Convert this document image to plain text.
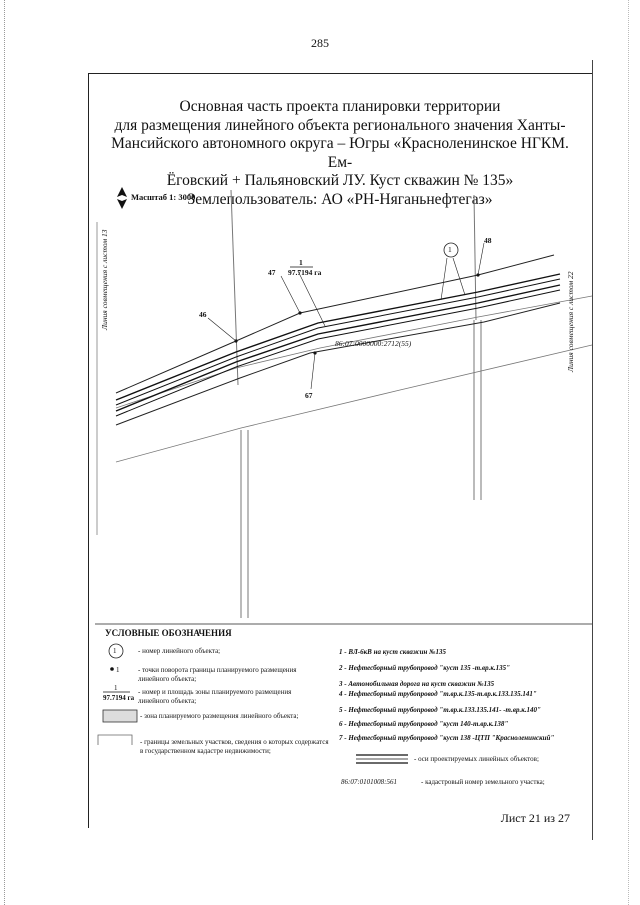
285
Основная часть проекта планировки территории
для размещения линейного объекта регионального значения Ханты-
Мансийского автономного округа – Югры «Красноленинское НГКМ. Ем-
Ёговский + Пальяновский ЛУ. Куст скважин № 135»
Землепользователь: АО «РН-Няганьнефтегаз»
Масштаб 1: 3000
Линия совмещения с листом 13	Линия совмещения с листом 22
46
47
48
67
1
1
97.7194 га
86:07:0000000:2712(55)
УСЛОВНЫЕ ОБОЗНАЧЕНИЯ
1	- номер линейного объекта;
1	- точки поворота границы планируемого размещения линейного объекта;
1
97.7194 га
- номер и площадь зоны планируемого размещения линейного объекта;
- зона планируемого размещения линейного объекта;
- границы земельных участков, сведения о которых содержатся в государственном кадастре недвижимости;
1 - ВЛ-6кВ на куст скважин №135
2 - Нефтесборный трубопровод "куст 135 -т.вр.к.135"
3 - Автомобильная дорога на куст скважин №135
4 - Нефтесборный трубопровод "т.вр.к.135-т.вр.к.133.135.141"
5 - Нефтесборный трубопровод "т.вр.к.133.135.141- -т.вр.к.140"
6 - Нефтесборный трубопровод "куст 140-т.вр.к.138"
7 - Нефтесборный трубопровод "куст 138 -ЦТП "Красноленинский"
- оси проектируемых линейных объектов;
86:07:0101008:561	- кадастровый номер земельного участка;
Лист 21 из 27
